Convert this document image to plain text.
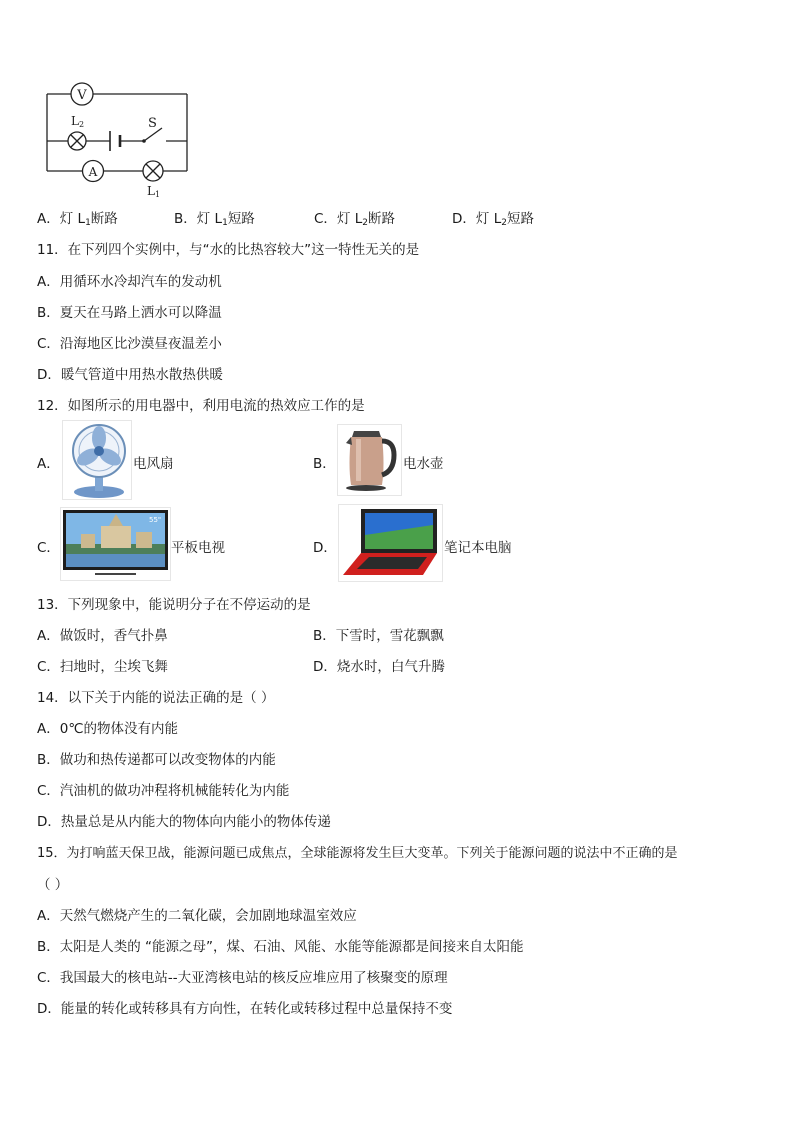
V
A
S
L2
L1
A．灯 $L_1$断路	B．灯 $L_1$短路	C．灯 $L_2$断路	D．灯 $L_2$短路
11．在下列四个实例中，与“水的比热容较大”这一特性无关的是
A．用循环水冷却汽车的发动机
B．夏天在马路上洒水可以降温
C．沿海地区比沙漠昼夜温差小
D．暖气管道中用热水散热供暖
12．如图所示的用电器中，利用电流的热效应工作的是
A．	电风扇	B．	电水壶
C．
55"
平板电视	D．	笔记本电脑
13．下列现象中，能说明分子在不停运动的是
A．做饭时，香气扑鼻	B．下雪时，雪花飘飘
C．扫地时，尘埃飞舞	D．烧水时，白气升腾
14．以下关于内能的说法正确的是（ ）
A．0℃的物体没有内能
B．做功和热传递都可以改变物体的内能
C．汽油机的做功冲程将机械能转化为内能
D．热量总是从内能大的物体向内能小的物体传递
15．为打响蓝天保卫战，能源问题已成焦点，全球能源将发生巨大变革。下列关于能源问题的说法中不正确的是
（ ）
A．天然气燃烧产生的二氧化碳，会加剧地球温室效应
B．太阳是人类的 “能源之母”，煤、石油、风能、水能等能源都是间接来自太阳能
C．我国最大的核电站--大亚湾核电站的核反应堆应用了核聚变的原理
D．能量的转化或转移具有方向性，在转化或转移过程中总量保持不变
